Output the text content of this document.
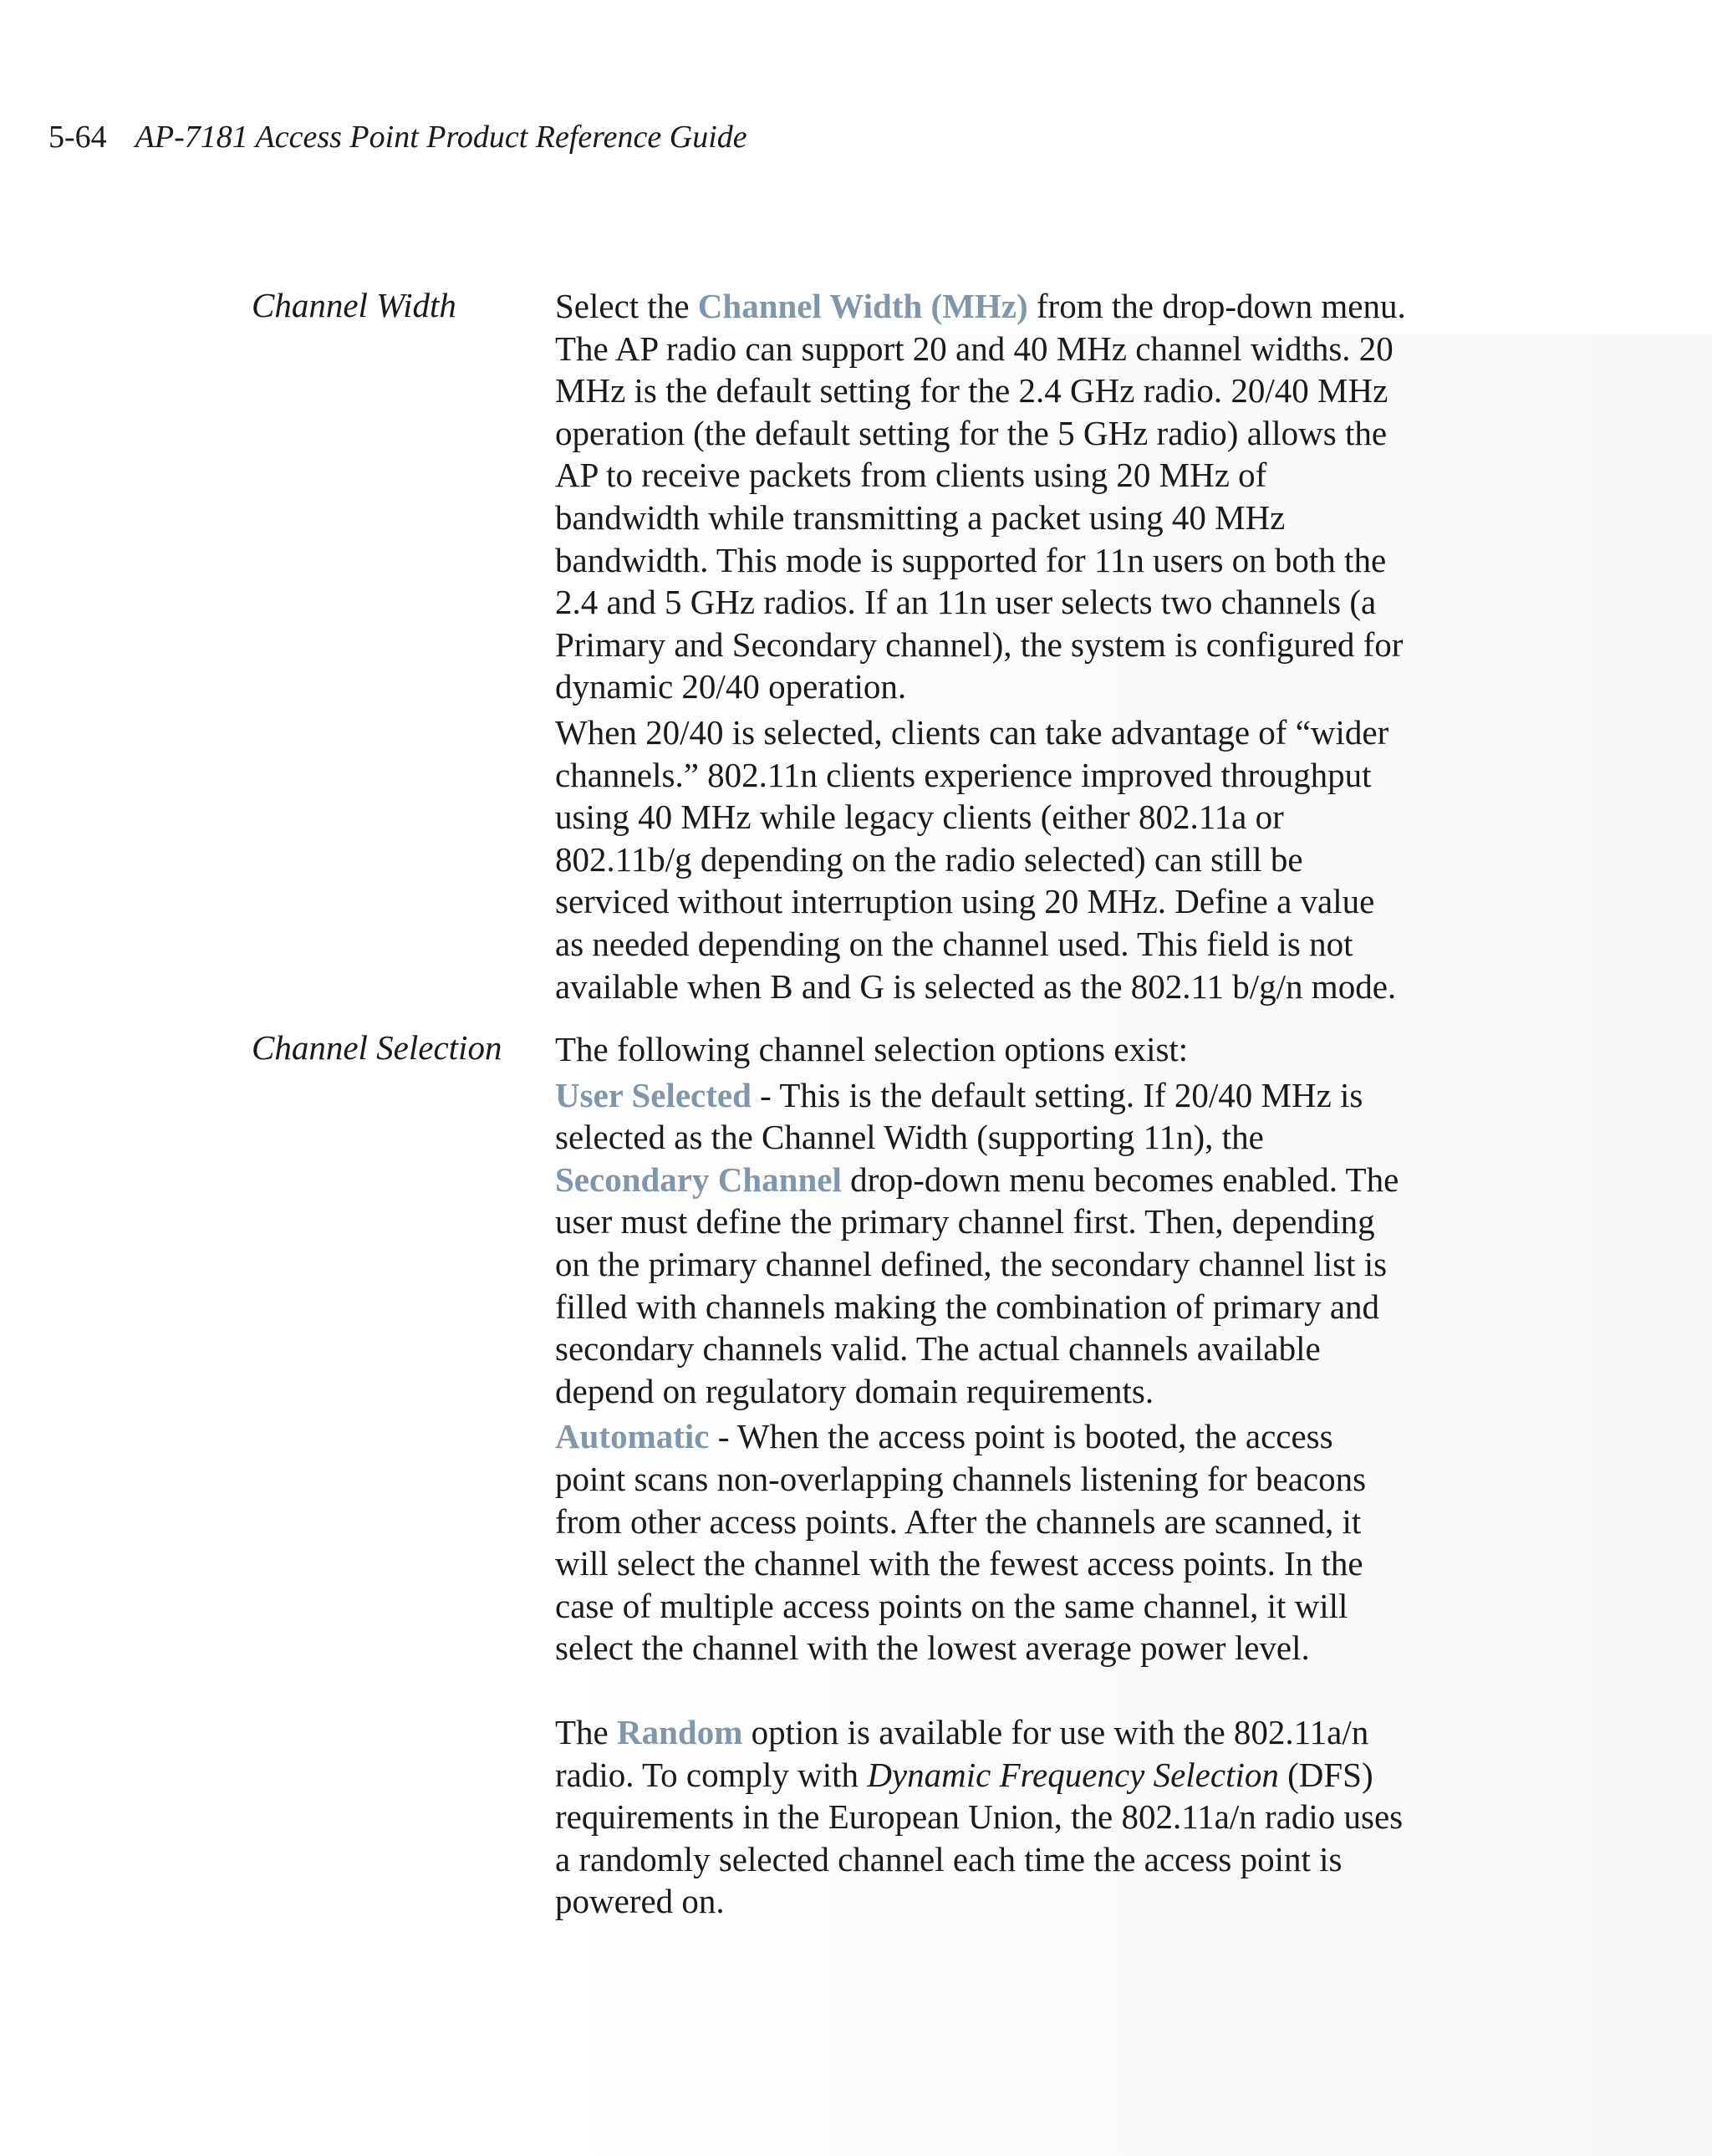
5-64 AP-7181 Access Point Product Reference Guide
Channel Width	Select the Channel Width (MHz) from the drop-down menu. The AP radio can support 20 and 40 MHz channel widths. 20 MHz is the default setting for the 2.4 GHz radio. 20/40 MHz operation (the default setting for the 5 GHz radio) allows the AP to receive packets from clients using 20 MHz of bandwidth while transmitting a packet using 40 MHz bandwidth. This mode is supported for 11n users on both the 2.4 and 5 GHz radios. If an 11n user selects two channels (a Primary and Secondary channel), the system is configured for dynamic 20/40 operation.

When 20/40 is selected, clients can take advantage of “wider channels.” 802.11n clients experience improved throughput using 40 MHz while legacy clients (either 802.11a or 802.11b/g depending on the radio selected) can still be serviced without interruption using 20 MHz. Define a value as needed depending on the channel used. This field is not available when B and G is selected as the 802.11 b/g/n mode.

Channel Selection The following channel selection options exist:

User Selected - This is the default setting. If 20/40 MHz is selected as the Channel Width (supporting 11n), the Secondary Channel drop-down menu becomes enabled. The user must define the primary channel first. Then, depending on the primary channel defined, the secondary channel list is filled with channels making the combination of primary and secondary channels valid. The actual channels available depend on regulatory domain requirements.

Automatic - When the access point is booted, the access point scans non-overlapping channels listening for beacons from other access points. After the channels are scanned, it will select the channel with the fewest access points. In the case of multiple access points on the same channel, it will select the channel with the lowest average power level.

The Random option is available for use with the 802.11a/n radio. To comply with Dynamic Frequency Selection (DFS) requirements in the European Union, the 802.11a/n radio uses a randomly selected channel each time the access point is powered on.
